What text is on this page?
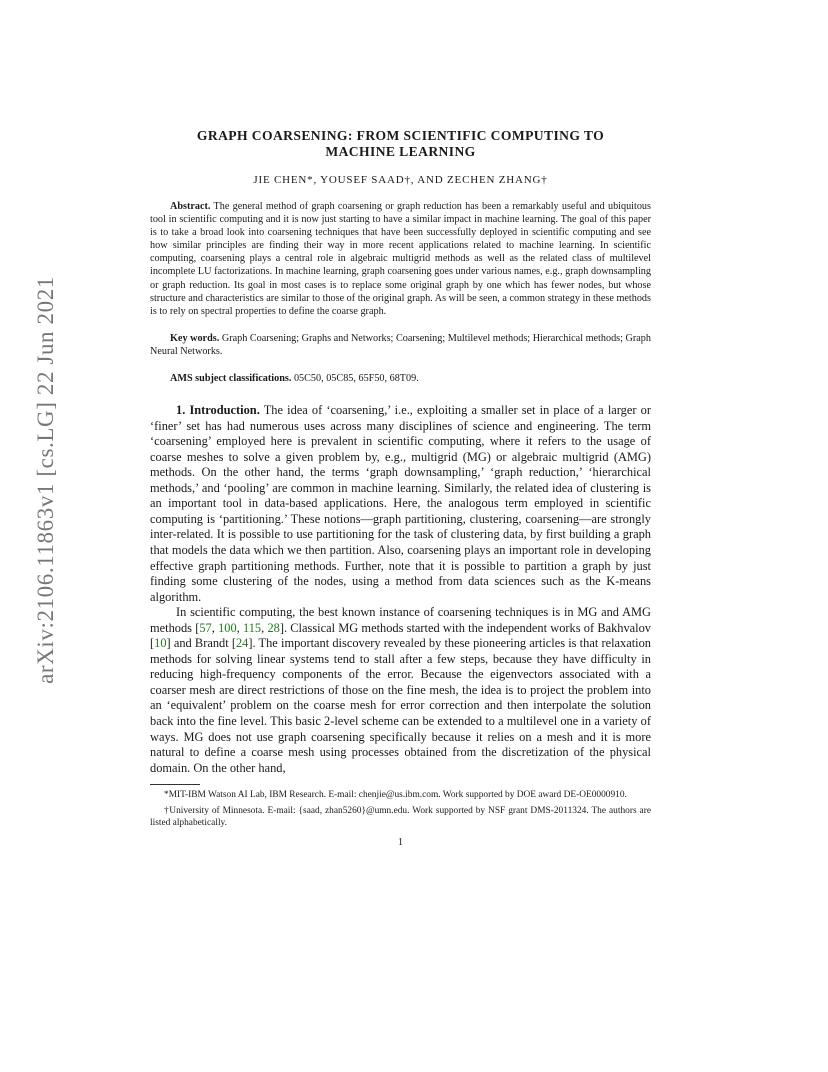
arXiv:2106.11863v1 [cs.LG] 22 Jun 2021

GRAPH COARSENING: FROM SCIENTIFIC COMPUTING TO
MACHINE LEARNING

JIE CHEN*, YOUSEF SAAD†, AND ZECHEN ZHANG†

Abstract. The general method of graph coarsening or graph reduction has been a remarkably useful and ubiquitous tool in scientific computing and it is now just starting to have a similar impact in machine learning. The goal of this paper is to take a broad look into coarsening techniques that have been successfully deployed in scientific computing and see how similar principles are finding their way in more recent applications related to machine learning. In scientific computing, coarsening plays a central role in algebraic multigrid methods as well as the related class of multilevel incomplete LU factorizations. In machine learning, graph coarsening goes under various names, e.g., graph downsampling or graph reduction. Its goal in most cases is to replace some original graph by one which has fewer nodes, but whose structure and characteristics are similar to those of the original graph. As will be seen, a common strategy in these methods is to rely on spectral properties to define the coarse graph.

Key words. Graph Coarsening; Graphs and Networks; Coarsening; Multilevel methods; Hierarchical methods; Graph Neural Networks.

AMS subject classifications. 05C50, 05C85, 65F50, 68T09.

1. Introduction. The idea of ‘coarsening,’ i.e., exploiting a smaller set in place of a larger or ‘finer’ set has had numerous uses across many disciplines of science and engineering. The term ‘coarsening’ employed here is prevalent in scientific computing, where it refers to the usage of coarse meshes to solve a given problem by, e.g., multigrid (MG) or algebraic multigrid (AMG) methods. On the other hand, the terms ‘graph downsampling,’ ‘graph reduction,’ ‘hierarchical methods,’ and ‘pooling’ are common in machine learning. Similarly, the related idea of clustering is an important tool in data-based applications. Here, the analogous term employed in scientific computing is ‘partitioning.’ These notions—graph partitioning, clustering, coarsening—are strongly inter-related. It is possible to use partitioning for the task of clustering data, by first building a graph that models the data which we then partition. Also, coarsening plays an important role in developing effective graph partitioning methods. Further, note that it is possible to partition a graph by just finding some clustering of the nodes, using a method from data sciences such as the K-means algorithm.

In scientific computing, the best known instance of coarsening techniques is in MG and AMG methods [57, 100, 115, 28]. Classical MG methods started with the independent works of Bakhvalov [10] and Brandt [24]. The important discovery revealed by these pioneering articles is that relaxation methods for solving linear systems tend to stall after a few steps, because they have difficulty in reducing high-frequency components of the error. Because the eigenvectors associated with a coarser mesh are direct restrictions of those on the fine mesh, the idea is to project the problem into an ‘equivalent’ problem on the coarse mesh for error correction and then interpolate the solution back into the fine level. This basic 2-level scheme can be extended to a multilevel one in a variety of ways. MG does not use graph coarsening specifically because it relies on a mesh and it is more natural to define a coarse mesh using processes obtained from the discretization of the physical domain. On the other hand,

*MIT-IBM Watson AI Lab, IBM Research. E-mail: chenjie@us.ibm.com. Work supported by DOE award DE-OE0000910.

†University of Minnesota. E-mail: {saad, zhan5260}@umn.edu. Work supported by NSF grant DMS-2011324. The authors are listed alphabetically.

1
